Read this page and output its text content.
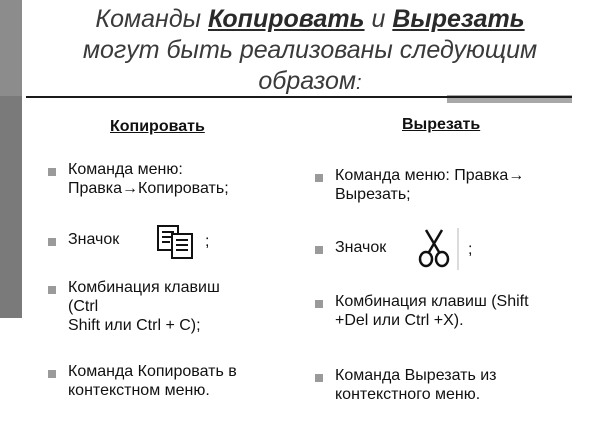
Команды Копировать и Вырезать
могут быть реализованы следующим
образом:
Копировать
Команда меню:
Правка→Копировать;
Значок	;
Комбинация клавиш
(Ctrl
Shift или Ctrl + C);
Команда Копировать в
контекстном меню.
Вырезать
Команда меню: Правка→
Вырезать;
Значок	;
Комбинация клавиш (Shift
+Del или Ctrl +X).
Команда Вырезать из
контекстного меню.
